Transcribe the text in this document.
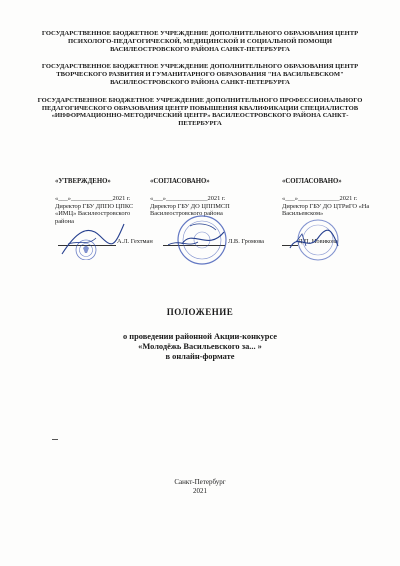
ГОСУДАРСТВЕННОЕ БЮДЖЕТНОЕ УЧРЕЖДЕНИЕ ДОПОЛНИТЕЛЬНОГО ОБРАЗОВАНИЯ ЦЕНТР ПСИХОЛОГО-ПЕДАГОГИЧЕСКОЙ, МЕДИЦИНСКОЙ И СОЦИАЛЬНОЙ ПОМОЩИ ВАСИЛЕОСТРОВСКОГО РАЙОНА САНКТ-ПЕТЕРБУРГА
ГОСУДАРСТВЕННОЕ БЮДЖЕТНОЕ УЧРЕЖДЕНИЕ ДОПОЛНИТЕЛЬНОГО ОБРАЗОВАНИЯ ЦЕНТР ТВОРЧЕСКОГО РАЗВИТИЯ И ГУМАНИТАРНОГО ОБРАЗОВАНИЯ "НА ВАСИЛЬЕВСКОМ" ВАСИЛЕОСТРОВСКОГО РАЙОНА САНКТ-ПЕТЕРБУРГА
ГОСУДАРСТВЕННОЕ БЮДЖЕТНОЕ УЧРЕЖДЕНИЕ ДОПОЛНИТЕЛЬНОГО ПРОФЕССИОНАЛЬНОГО ПЕДАГОГИЧЕСКОГО ОБРАЗОВАНИЯ ЦЕНТР ПОВЫШЕНИЯ КВАЛИФИКАЦИИ СПЕЦИАЛИСТОВ «ИНФОРМАЦИОННО-МЕТОДИЧЕСКИЙ ЦЕНТР» ВАСИЛЕОСТРОВСКОГО РАЙОНА САНКТ-ПЕТЕРБУРГА
«УТВЕРЖДЕНО»
«___»_____________2021 г.
Директор ГБУ ДППО ЦПКС «ИМЦ» Василеостровского района
А.Л. Гехтман
«СОГЛАСОВАНО»
«___»_____________2021 г.
Директор ГБУ ДО ЦППМСП Василеостровского района
Л.В. Громова
«СОГЛАСОВАНО»
«___»_____________2021 г.
Директор ГБУ ДО ЦТРиГО «На Васильевском»
Д.П. Новикова
ПОЛОЖЕНИЕ
о проведении районной Акции-конкурсе
«Молодёжь Васильевского за... »
в онлайн-формате
Санкт-Петербург
2021
